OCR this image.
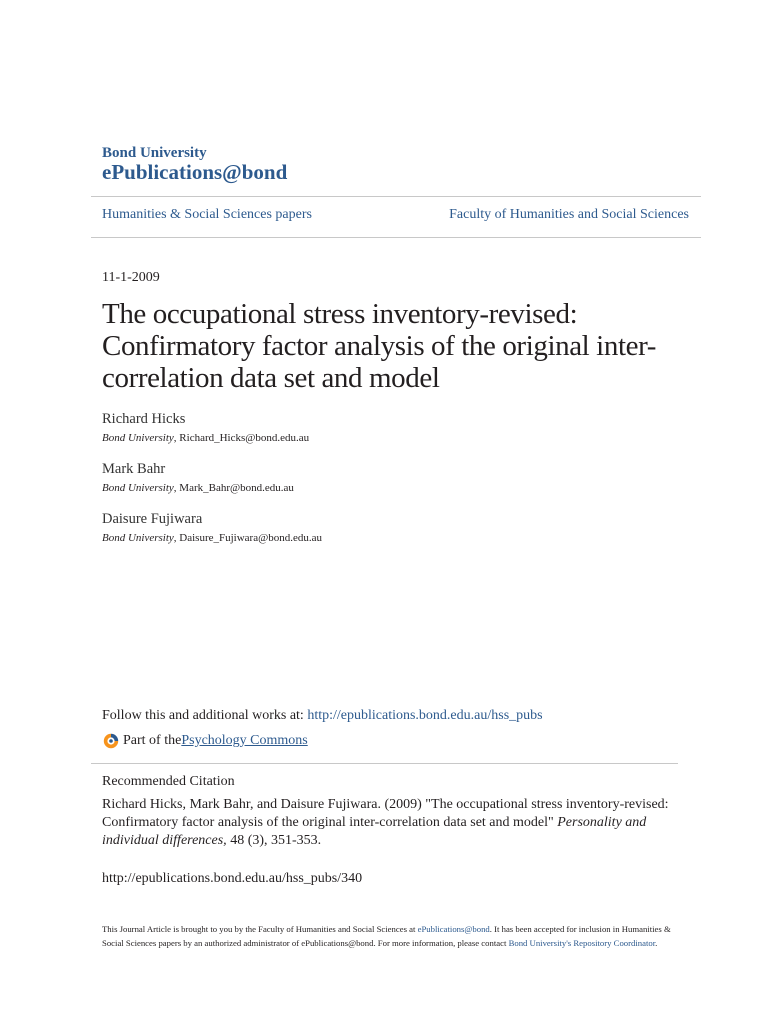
Bond University
ePublications@bond
Humanities & Social Sciences papers	Faculty of Humanities and Social Sciences
11-1-2009
The occupational stress inventory-revised:
Confirmatory factor analysis of the original inter-
correlation data set and model
Richard Hicks
Bond University, Richard_Hicks@bond.edu.au
Mark Bahr
Bond University, Mark_Bahr@bond.edu.au
Daisure Fujiwara
Bond University, Daisure_Fujiwara@bond.edu.au
Follow this and additional works at: http://epublications.bond.edu.au/hss_pubs
Part of the Psychology Commons
Recommended Citation
Richard Hicks, Mark Bahr, and Daisure Fujiwara. (2009) "The occupational stress inventory-revised: Confirmatory factor analysis of the original inter-correlation data set and model" Personality and individual differences, 48 (3), 351-353.
http://epublications.bond.edu.au/hss_pubs/340
This Journal Article is brought to you by the Faculty of Humanities and Social Sciences at ePublications@bond. It has been accepted for inclusion in Humanities & Social Sciences papers by an authorized administrator of ePublications@bond. For more information, please contact Bond University's Repository Coordinator.
